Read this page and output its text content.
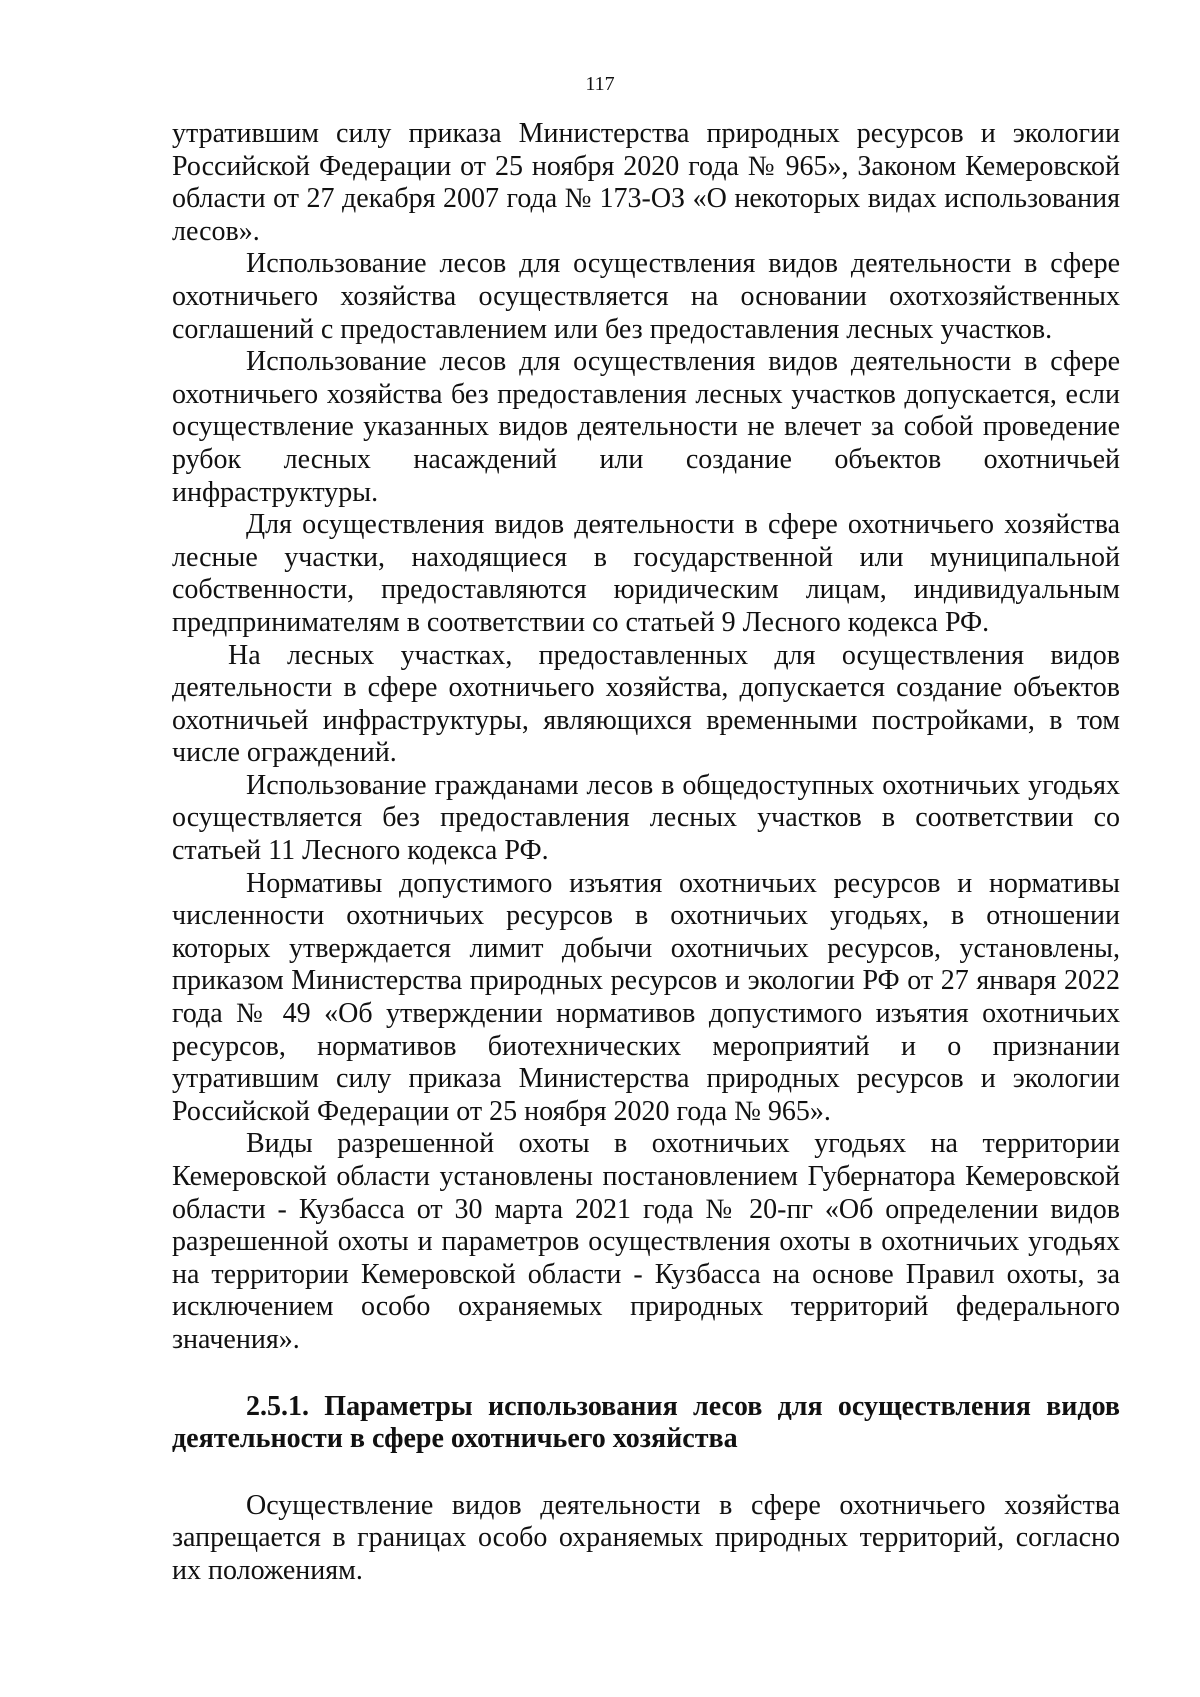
117

утратившим силу приказа Министерства природных ресурсов и экологии Российской Федерации от 25 ноября 2020 года № 965», Законом Кемеровской области от 27 декабря 2007 года № 173-ОЗ «О некоторых видах использования лесов».

Использование лесов для осуществления видов деятельности в сфере охотничьего хозяйства осуществляется на основании охотхозяйственных соглашений с предоставлением или без предоставления лесных участков.

Использование лесов для осуществления видов деятельности в сфере охотничьего хозяйства без предоставления лесных участков допускается, если осуществление указанных видов деятельности не влечет за собой проведение рубок лесных насаждений или создание объектов охотничьей инфраструктуры.

Для осуществления видов деятельности в сфере охотничьего хозяйства лесные участки, находящиеся в государственной или муниципальной собственности, предоставляются юридическим лицам, индивидуальным предпринимателям в соответствии со статьей 9 Лесного кодекса РФ.

На лесных участках, предоставленных для осуществления видов деятельности в сфере охотничьего хозяйства, допускается создание объектов охотничьей инфраструктуры, являющихся временными постройками, в том числе ограждений.

Использование гражданами лесов в общедоступных охотничьих угодьях осуществляется без предоставления лесных участков в соответствии со статьей 11 Лесного кодекса РФ.

Нормативы допустимого изъятия охотничьих ресурсов и нормативы численности охотничьих ресурсов в охотничьих угодьях, в отношении которых утверждается лимит добычи охотничьих ресурсов, установлены, приказом Министерства природных ресурсов и экологии РФ от 27 января 2022 года № 49 «Об утверждении нормативов допустимого изъятия охотничьих ресурсов, нормативов биотехнических мероприятий и о признании утратившим силу приказа Министерства природных ресурсов и экологии Российской Федерации от 25 ноября 2020 года № 965».

Виды разрешенной охоты в охотничьих угодьях на территории Кемеровской области установлены постановлением Губернатора Кемеровской области - Кузбасса от 30 марта 2021 года № 20-пг «Об определении видов разрешенной охоты и параметров осуществления охоты в охотничьих угодьях на территории Кемеровской области - Кузбасса на основе Правил охоты, за исключением особо охраняемых природных территорий федерального значения».

2.5.1. Параметры использования лесов для осуществления видов деятельности в сфере охотничьего хозяйства

Осуществление видов деятельности в сфере охотничьего хозяйства запрещается в границах особо охраняемых природных территорий, согласно их положениям.
